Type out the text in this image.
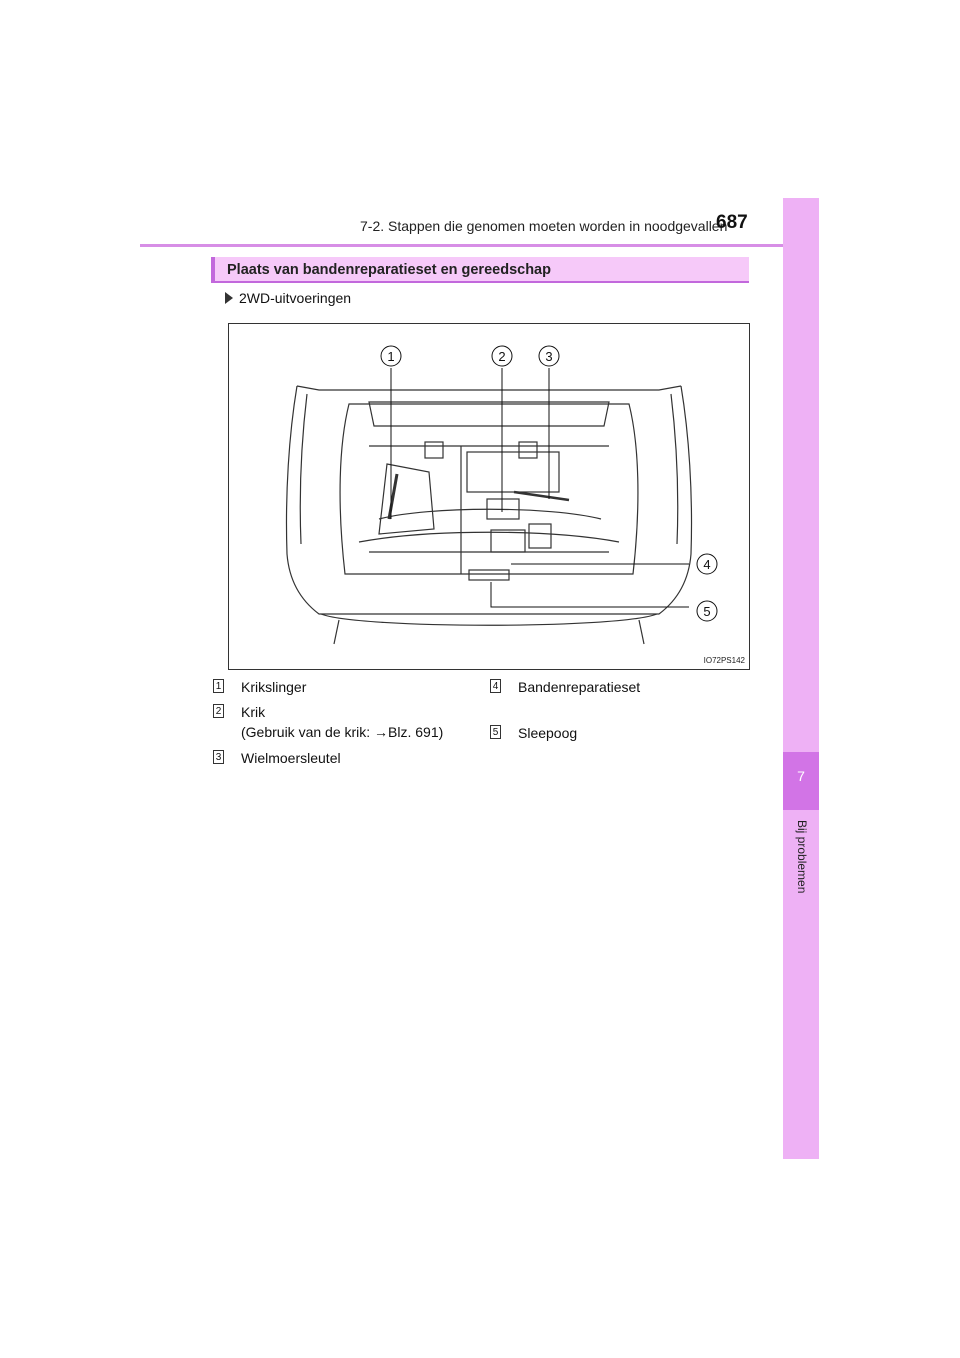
7-2. Stappen die genomen moeten worden in noodgevallen
687
7
Bij problemen
Plaats van bandenreparatieset en gereedschap
2WD-uitvoeringen
1	2	3
4
5
IO72PS142
1 Krikslinger
2 Krik
(Gebruik van de krik: →Blz. 691)
3 Wielmoersleutel
4 Bandenreparatieset
5 Sleepoog
